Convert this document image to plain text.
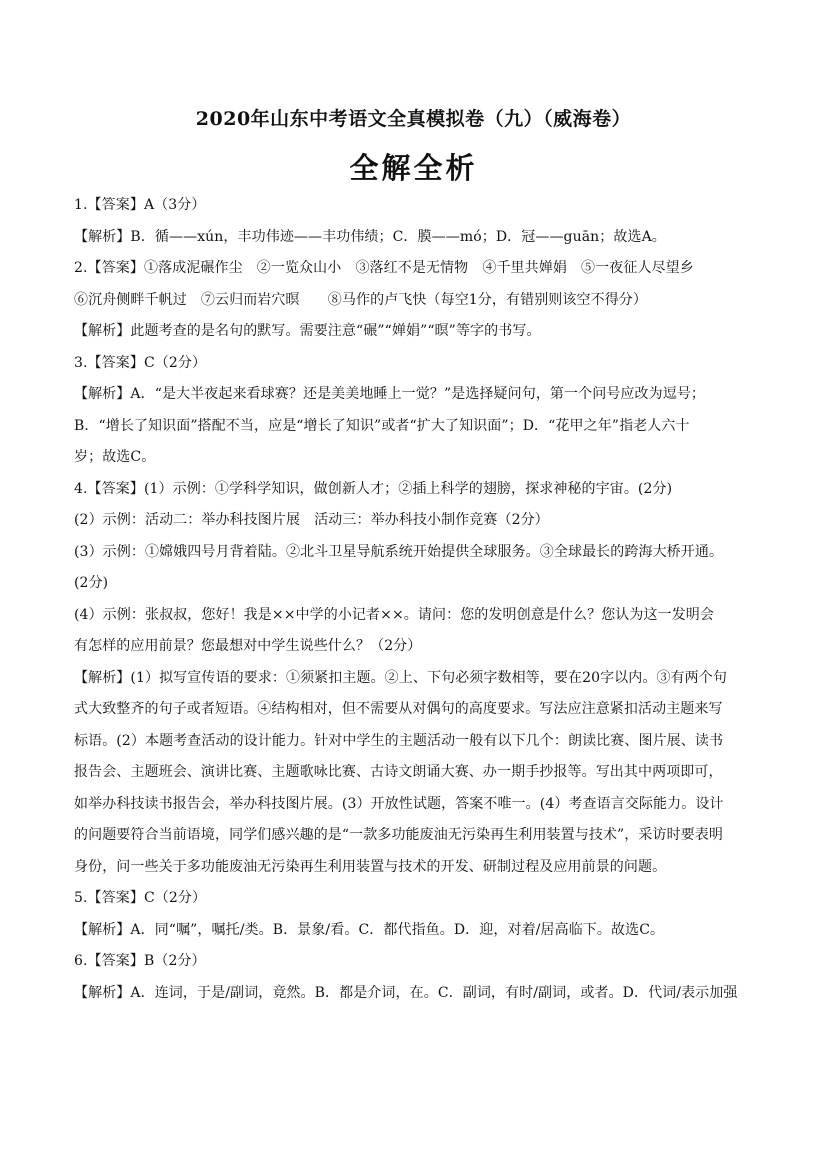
2020年山东中考语文全真模拟卷（九）（威海卷）
全解全析
1.【答案】A（3分）
【解析】B．循——xún，丰功伟迹——丰功伟绩；C．膜——mó；D．冠——guān；故选A。
2.【答案】①落成泥碾作尘　②一览众山小　③落红不是无情物　④千里共婵娟　⑤一夜征人尽望乡
⑥沉舟侧畔千帆过　⑦云归而岩穴暝　　⑧马作的卢飞快（每空1分，有错别则该空不得分）
【解析】此题考查的是名句的默写。需要注意“碾”“婵娟”“暝”等字的书写。
3.【答案】C（2分）
【解析】A．“是大半夜起来看球赛？还是美美地睡上一觉？”是选择疑问句，第一个问号应改为逗号；
B．“增长了知识面”搭配不当，应是“增长了知识”或者“扩大了知识面”；D．“花甲之年”指老人六十
岁；故选C。
4.【答案】(1）示例：①学科学知识，做创新人才；②插上科学的翅膀，探求神秘的宇宙。(2分)
(2）示例：活动二：举办科技图片展　活动三：举办科技小制作竞赛（2分）
(3）示例：①嫦娥四号月背着陆。②北斗卫星导航系统开始提供全球服务。③全球最长的跨海大桥开通。
(2分)
(4）示例：张叔叔，您好！我是××中学的小记者××。请问：您的发明创意是什么？您认为这一发明会
有怎样的应用前景？您最想对中学生说些什么？（2分）
【解析】(1）拟写宣传语的要求：①须紧扣主题。②上、下句必须字数相等，要在20字以内。③有两个句
式大致整齐的句子或者短语。④结构相对，但不需要从对偶句的高度要求。写法应注意紧扣活动主题来写
标语。(2）本题考查活动的设计能力。针对中学生的主题活动一般有以下几个：朗读比赛、图片展、读书
报告会、主题班会、演讲比赛、主题歌咏比赛、古诗文朗诵大赛、办一期手抄报等。写出其中两项即可，
如举办科技读书报告会，举办科技图片展。(3）开放性试题，答案不唯一。(4）考查语言交际能力。设计
的问题要符合当前语境，同学们感兴趣的是“一款多功能废油无污染再生利用装置与技术”，采访时要表明
身份，问一些关于多功能废油无污染再生利用装置与技术的开发、研制过程及应用前景的问题。
5.【答案】C（2分）
【解析】A．同“嘱”，嘱托/类。B．景象/看。C．都代指鱼。D．迎，对着/居高临下。故选C。
6.【答案】B（2分）
【解析】A．连词，于是/副词，竟然。B．都是介词，在。C．副词，有时/副词，或者。D．代词/表示加强
